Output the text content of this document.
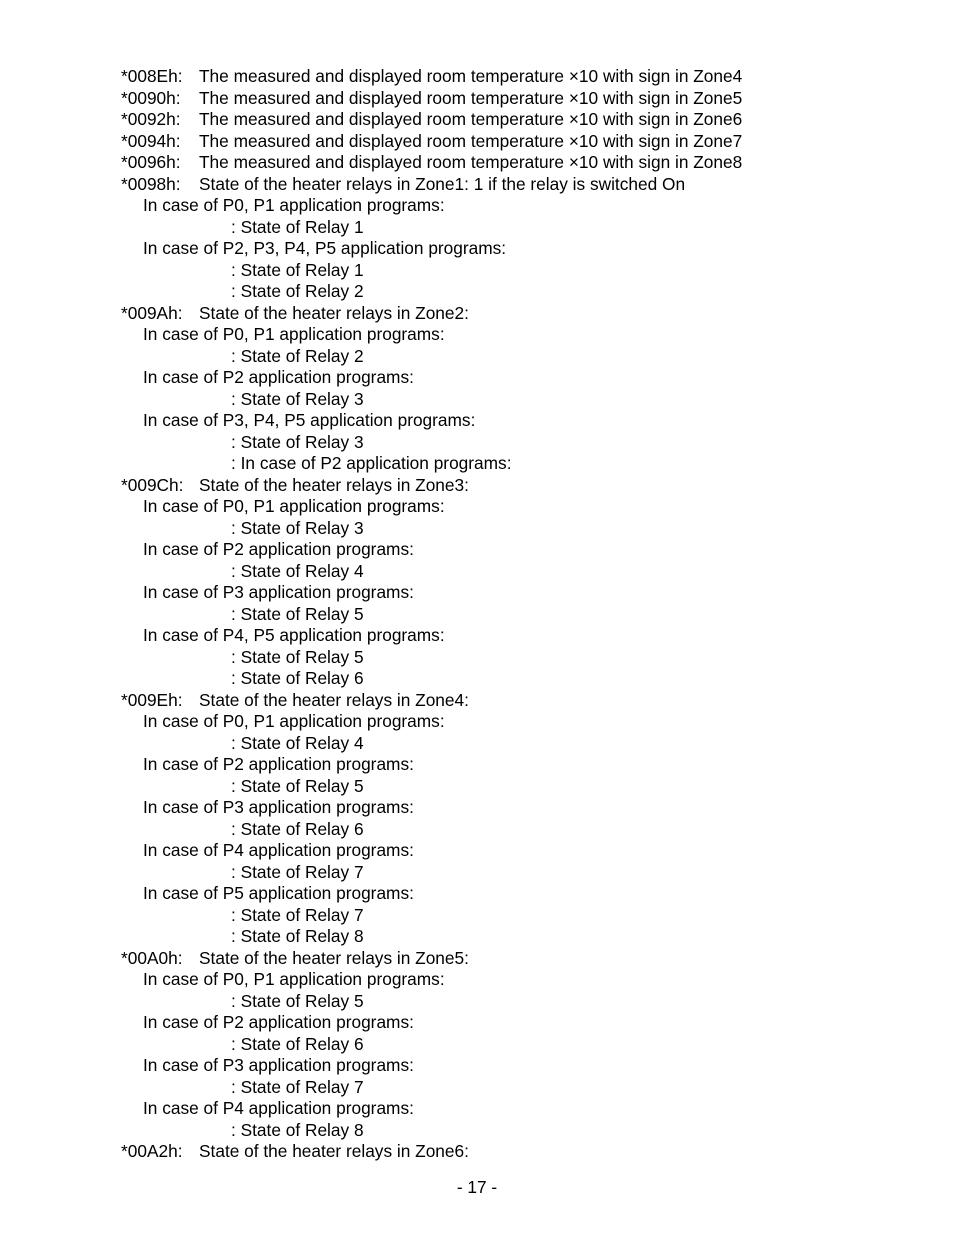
*008Eh: The measured and displayed room temperature ×10 with sign in Zone4
*0090h: The measured and displayed room temperature ×10 with sign in Zone5
*0092h: The measured and displayed room temperature ×10 with sign in Zone6
*0094h: The measured and displayed room temperature ×10 with sign in Zone7
*0096h: The measured and displayed room temperature ×10 with sign in Zone8
*0098h: State of the heater relays in Zone1: 1 if the relay is switched On
In case of P0, P1 application programs:
: State of Relay 1
In case of P2, P3, P4, P5 application programs:
: State of Relay 1
: State of Relay 2
*009Ah: State of the heater relays in Zone2:
In case of P0, P1 application programs:
: State of Relay 2
In case of P2 application programs:
: State of Relay 3
In case of P3, P4, P5 application programs:
: State of Relay 3
: In case of P2 application programs:
*009Ch: State of the heater relays in Zone3:
In case of P0, P1 application programs:
: State of Relay 3
In case of P2 application programs:
: State of Relay 4
In case of P3 application programs:
: State of Relay 5
In case of P4, P5 application programs:
: State of Relay 5
: State of Relay 6
*009Eh: State of the heater relays in Zone4:
In case of P0, P1 application programs:
: State of Relay 4
In case of P2 application programs:
: State of Relay 5
In case of P3 application programs:
: State of Relay 6
In case of P4 application programs:
: State of Relay 7
In case of P5 application programs:
: State of Relay 7
: State of Relay 8
*00A0h: State of the heater relays in Zone5:
In case of P0, P1 application programs:
: State of Relay 5
In case of P2 application programs:
: State of Relay 6
In case of P3 application programs:
: State of Relay 7
In case of P4 application programs:
: State of Relay 8
*00A2h: State of the heater relays in Zone6:
- 17 -
